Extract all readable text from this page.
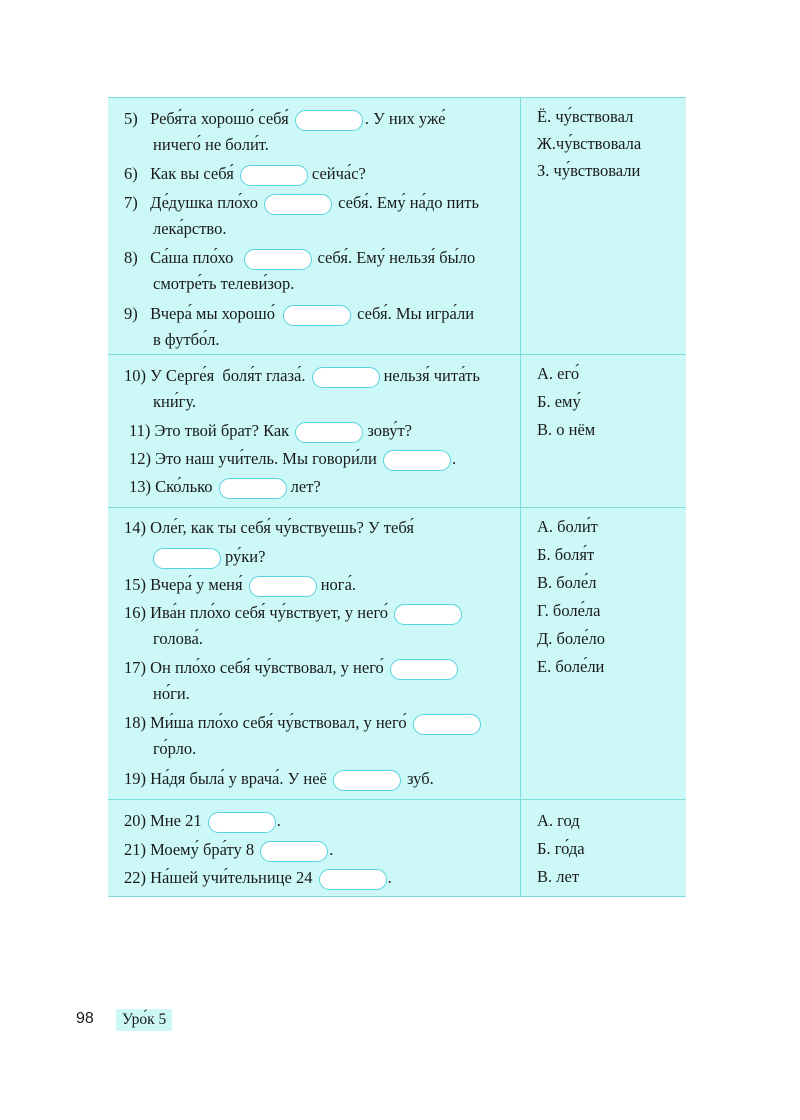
5)   Ребя́та хорошо́ себя́	. У них уже́
ничего́ не боли́т.
6)   Как вы себя́	сейча́с?
7)   Де́душка пло́хо	себя́. Ему́ на́до пить
лека́рство.
8)   Са́ша пло́хо	себя́. Ему́ нельзя́ бы́ло
смотре́ть телеви́зор.
9)   Вчера́ мы хорошо́	себя́. Мы игра́ли
в футбо́л.
Ё. чу́вствовал
Ж.чу́вствовала
З. чу́вствовали
10) У Серге́я  боля́т глаза́.	нельзя́ чита́ть
кни́гу.
11) Это твой брат? Как	зову́т?
12) Это наш учи́тель. Мы говори́ли	.
13) Ско́лько	лет?
А. его́
Б. ему́
В. о нём
14) Оле́г, как ты себя́ чу́вствуешь? У тебя́
ру́ки?
15) Вчера́ у меня́	нога́.
16) Ива́н пло́хо себя́ чу́вствует, у него́
голова́.
17) Он пло́хо себя́ чу́вствовал, у него́
но́ги.
18) Ми́ша пло́хо себя́ чу́вствовал, у него́
го́рло.
19) На́дя была́ у врача́. У неё	зуб.
А. боли́т
Б. боля́т
В. боле́л
Г. боле́ла
Д. боле́ло
Е. боле́ли
20) Мне 21	.
21) Моему́ бра́ту 8	.
22) На́шей учи́тельнице 24	.
А. год
Б. го́да
В. лет
98	Уро́к 5
